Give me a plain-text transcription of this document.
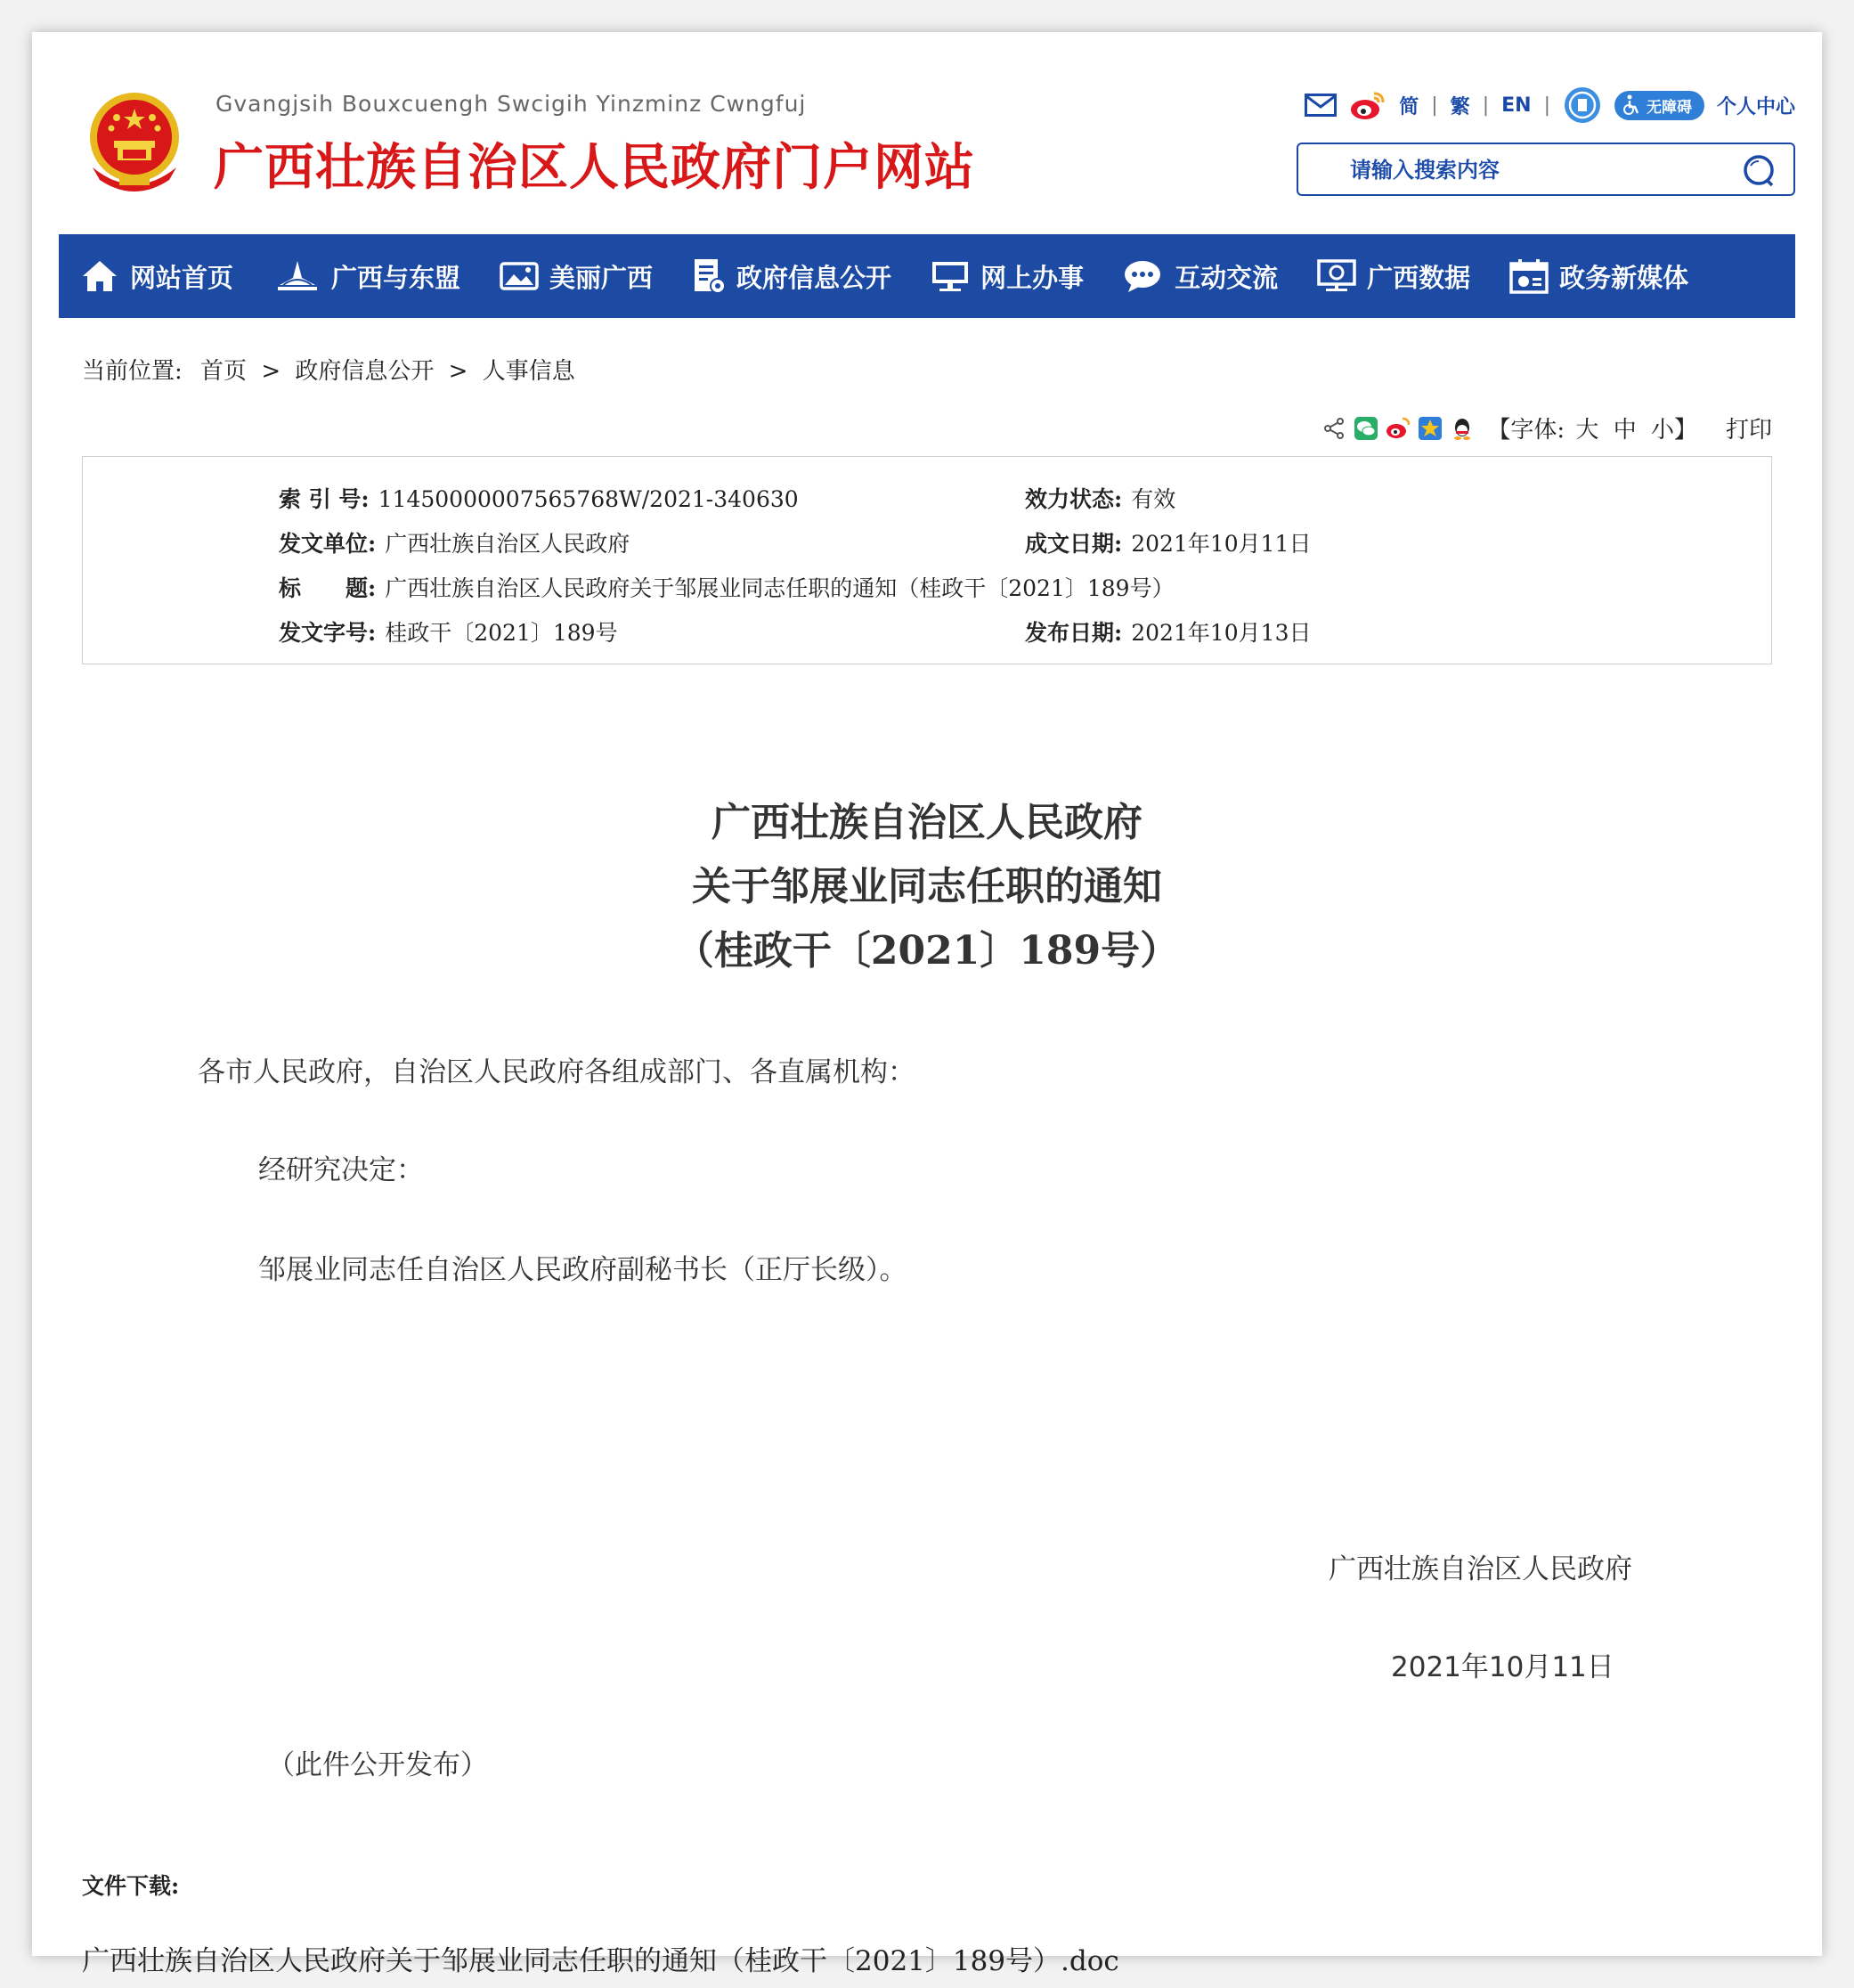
Gvangjsih Bouxcuengh Swcigih Yinzminz Cwngfuj
广西壮族自治区人民政府门户网站
简 | 繁 | EN |	无障碍 个人中心
请输入搜索内容
网站首页	广西与东盟	美丽广西	政府信息公开	网上办事	互动交流	广西数据	政务新媒体
当前位置: 首页 > 政府信息公开 > 人事信息
【字体: 大 中 小】 打印
索 引 号: 11450000007565768W/2021-340630	效力状态: 有效
发文单位: 广西壮族自治区人民政府	成文日期: 2021年10月11日
标　　题: 广西壮族自治区人民政府关于邹展业同志任职的通知（桂政干〔2021〕189号）
发文字号: 桂政干〔2021〕189号	发布日期: 2021年10月13日
广西壮族自治区人民政府
关于邹展业同志任职的通知
（桂政干〔2021〕189号）
各市人民政府，自治区人民政府各组成部门、各直属机构：
经研究决定：
邹展业同志任自治区人民政府副秘书长（正厅长级）。
广西壮族自治区人民政府
2021年10月11日
（此件公开发布）
文件下载:
广西壮族自治区人民政府关于邹展业同志任职的通知（桂政干〔2021〕189号）.doc
